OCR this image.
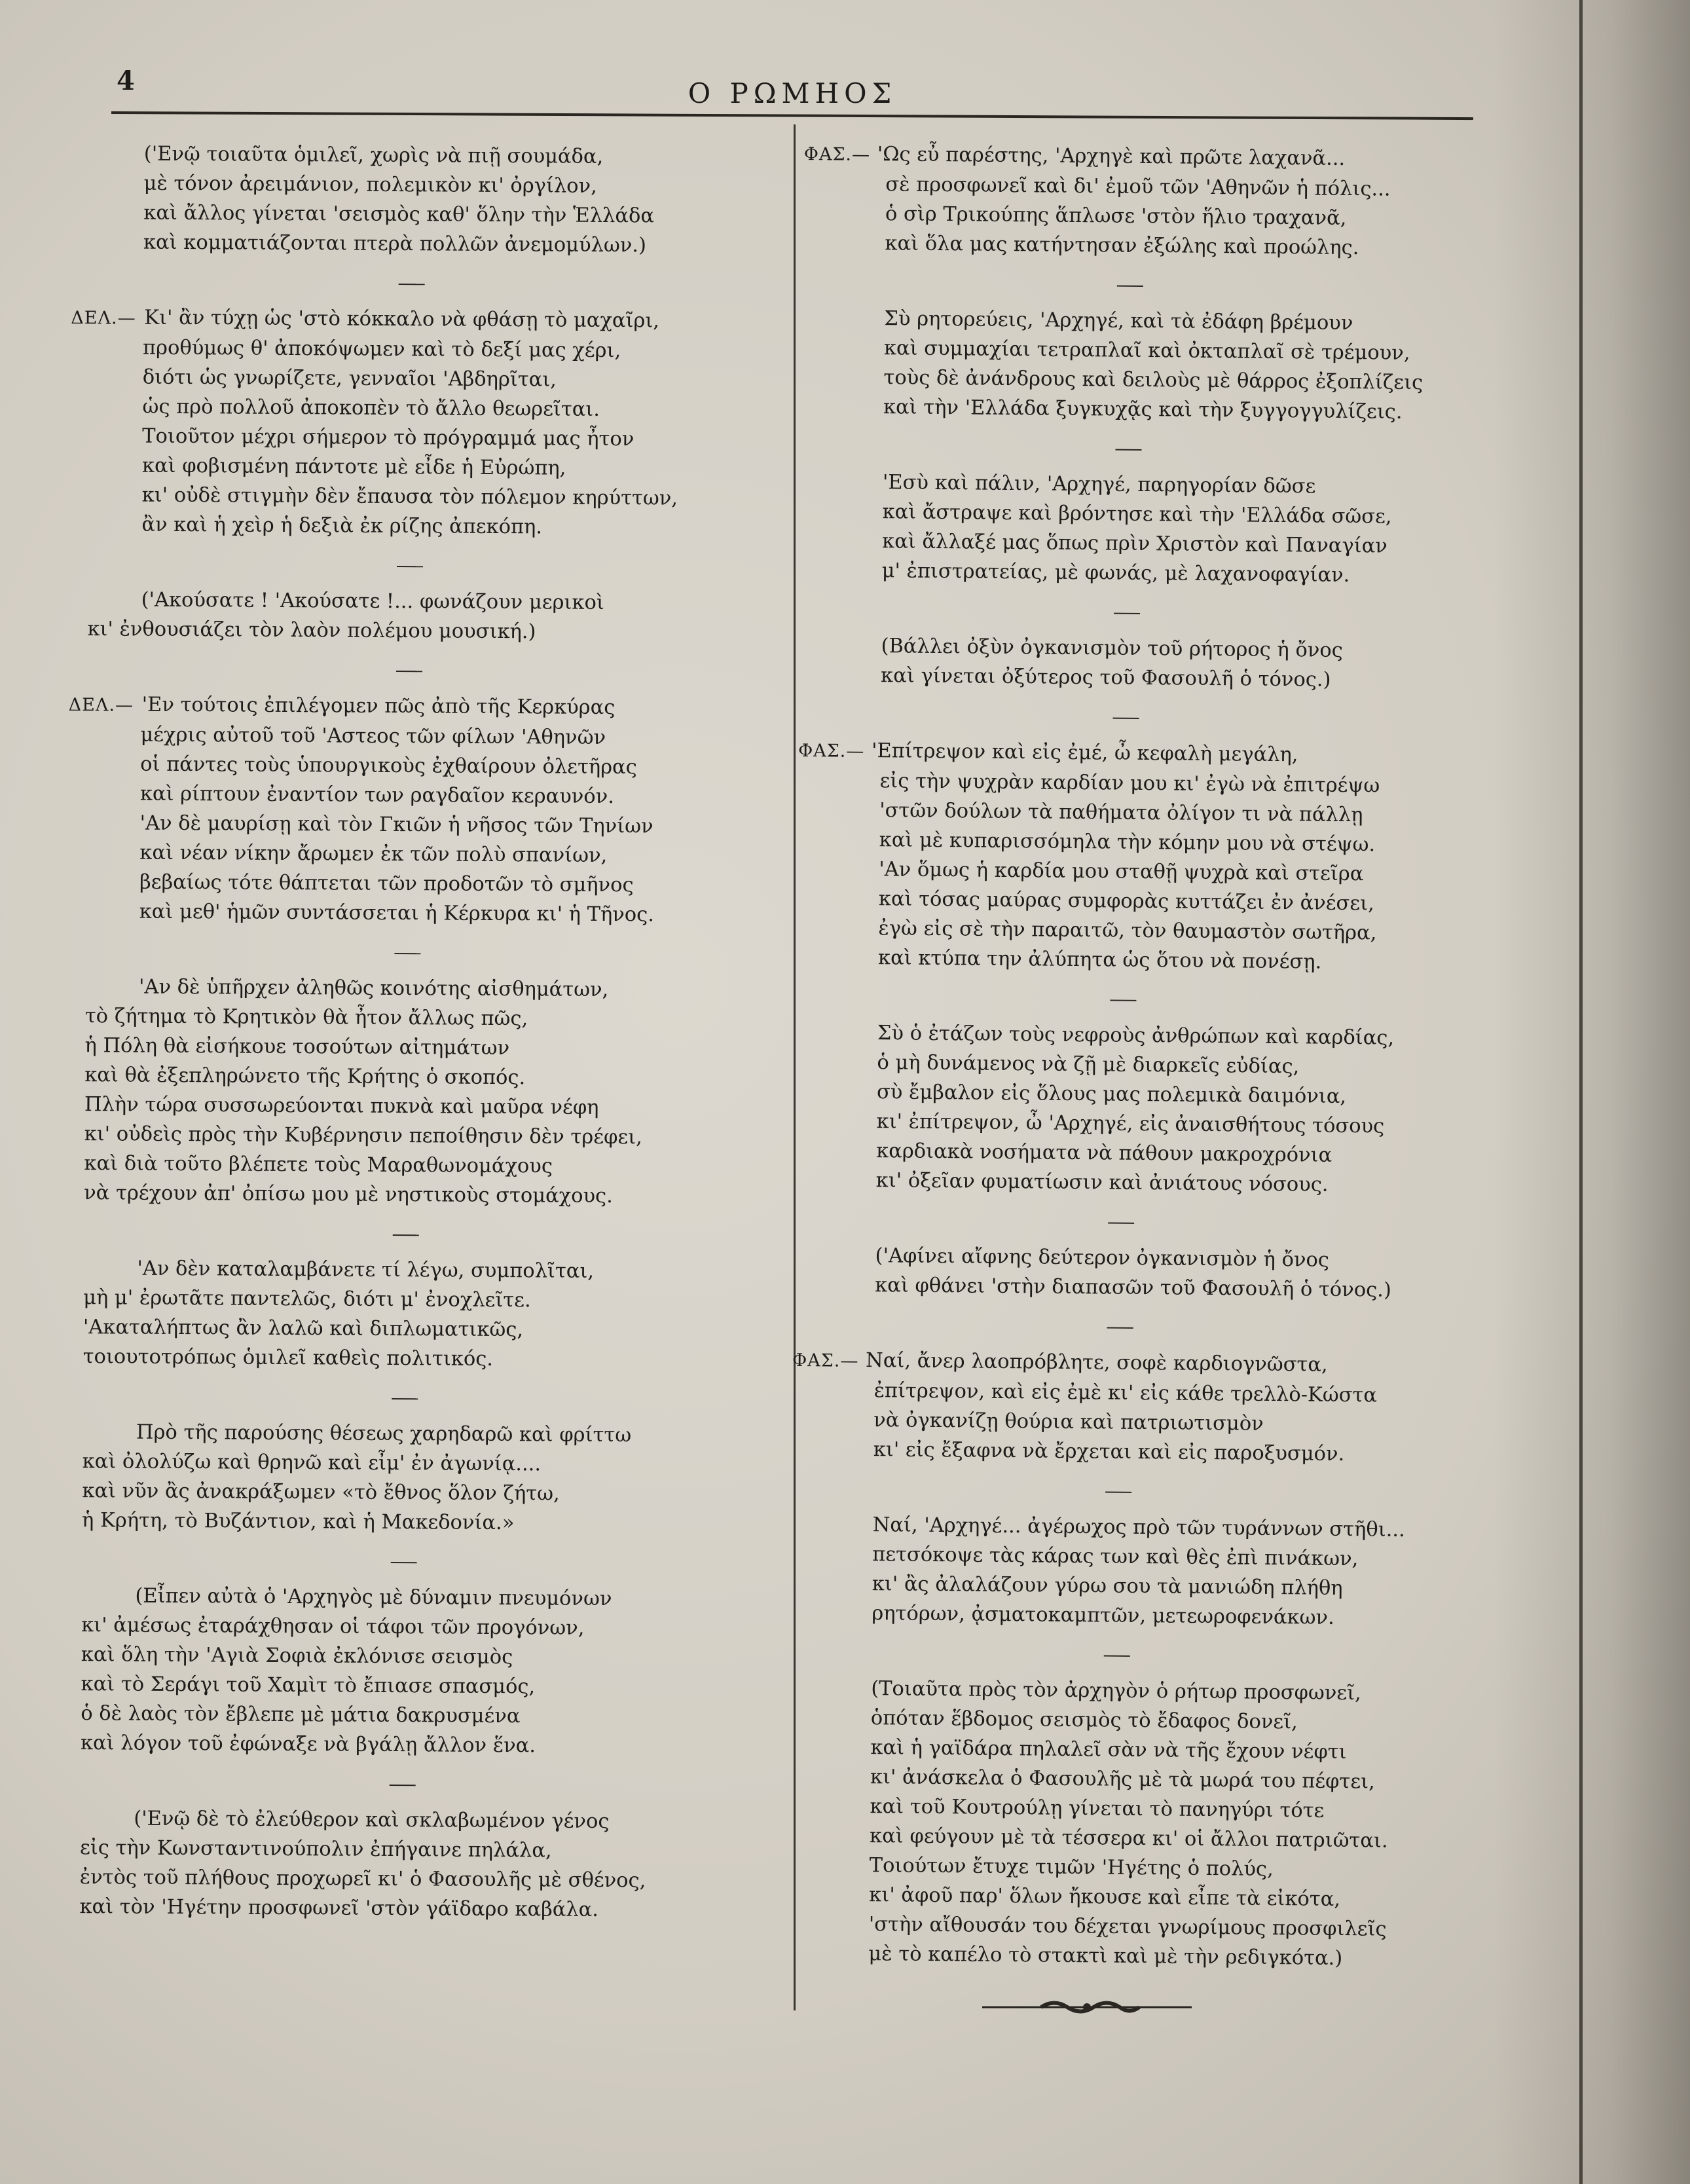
4	Ο ΡΩΜΗΟΣ
('Ενῷ τοιαῦτα ὁμιλεῖ, χωρὶς νὰ πιῇ σουμάδα,
μὲ τόνον ἀρειμάνιον, πολεμικὸν κι' ὀργίλον,
καὶ ἄλλος γίνεται 'σεισμὸς καθ' ὅλην τὴν Ἑλλάδα
καὶ κομματιάζονται πτερὰ πολλῶν ἀνεμομύλων.)
ΔΕΛ.— Κι' ἂν τύχῃ ὡς 'στὸ κόκκαλο νὰ φθάσῃ τὸ μαχαῖρι,
προθύμως θ' ἀποκόψωμεν καὶ τὸ δεξί μας χέρι,
διότι ὡς γνωρίζετε, γενναῖοι 'Αβδηρῖται,
ὡς πρὸ πολλοῦ ἀποκοπὲν τὸ ἄλλο θεωρεῖται.
Τοιοῦτον μέχρι σήμερον τὸ πρόγραμμά μας ἦτον
καὶ φοβισμένη πάντοτε μὲ εἶδε ἡ Εὐρώπη,
κι' οὐδὲ στιγμὴν δὲν ἔπαυσα τὸν πόλεμον κηρύττων,
ἂν καὶ ἡ χεὶρ ἡ δεξιὰ ἐκ ρίζης ἀπεκόπη.
('Ακούσατε ! 'Ακούσατε !... φωνάζουν μερικοὶ
κι' ἐνθουσιάζει τὸν λαὸν πολέμου μουσική.)
ΔΕΛ.— 'Εν τούτοις ἐπιλέγομεν πῶς ἀπὸ τῆς Κερκύρας
μέχρις αὐτοῦ τοῦ 'Αστεος τῶν φίλων 'Αθηνῶν
οἱ πάντες τοὺς ὑπουργικοὺς ἐχθαίρουν ὀλετῆρας
καὶ ρίπτουν ἐναντίον των ραγδαῖον κεραυνόν.
'Αν δὲ μαυρίσῃ καὶ τὸν Γκιῶν ἡ νῆσος τῶν Τηνίων
καὶ νέαν νίκην ἄρωμεν ἐκ τῶν πολὺ σπανίων,
βεβαίως τότε θάπτεται τῶν προδοτῶν τὸ σμῆνος
καὶ μεθ' ἡμῶν συντάσσεται ἡ Κέρκυρα κι' ἡ Τῆνος.
'Αν δὲ ὑπῆρχεν ἀληθῶς κοινότης αἰσθημάτων,
τὸ ζήτημα τὸ Κρητικὸν θὰ ἦτον ἄλλως πῶς,
ἡ Πόλη θὰ εἰσήκουε τοσούτων αἰτημάτων
καὶ θὰ ἐξεπληρώνετο τῆς Κρήτης ὁ σκοπός.
Πλὴν τώρα συσσωρεύονται πυκνὰ καὶ μαῦρα νέφη
κι' οὐδεὶς πρὸς τὴν Κυβέρνησιν πεποίθησιν δὲν τρέφει,
καὶ διὰ τοῦτο βλέπετε τοὺς Μαραθωνομάχους
νὰ τρέχουν ἀπ' ὀπίσω μου μὲ νηστικοὺς στομάχους.
'Αν δὲν καταλαμβάνετε τί λέγω, συμπολῖται,
μὴ μ' ἐρωτᾶτε παντελῶς, διότι μ' ἐνοχλεῖτε.
'Ακαταλήπτως ἂν λαλῶ καὶ διπλωματικῶς,
τοιουτοτρόπως ὁμιλεῖ καθεὶς πολιτικός.
Πρὸ τῆς παρούσης θέσεως χαρηδαρῶ καὶ φρίττω
καὶ ὀλολύζω καὶ θρηνῶ καὶ εἶμ' ἐν ἀγωνίᾳ....
καὶ νῦν ἂς ἀνακράξωμεν «τὸ ἔθνος ὅλον ζήτω,
ἡ Κρήτη, τὸ Βυζάντιον, καὶ ἡ Μακεδονία.»
(Εἶπεν αὐτὰ ὁ 'Αρχηγὸς μὲ δύναμιν πνευμόνων
κι' ἀμέσως ἐταράχθησαν οἱ τάφοι τῶν προγόνων,
καὶ ὅλη τὴν 'Αγιὰ Σοφιὰ ἐκλόνισε σεισμὸς
καὶ τὸ Σεράγι τοῦ Χαμὶτ τὸ ἔπιασε σπασμός,
ὁ δὲ λαὸς τὸν ἔβλεπε μὲ μάτια δακρυσμένα
καὶ λόγον τοῦ ἐφώναξε νὰ βγάλῃ ἄλλον ἕνα.
('Ενῷ δὲ τὸ ἐλεύθερον καὶ σκλαβωμένον γένος
εἰς τὴν Κωνσταντινούπολιν ἐπήγαινε πηλάλα,
ἐντὸς τοῦ πλήθους προχωρεῖ κι' ὁ Φασουλῆς μὲ σθένος,
καὶ τὸν 'Ηγέτην προσφωνεῖ 'στὸν γάϊδαρο καβάλα.
ΦΑΣ.— 'Ως εὖ παρέστης, 'Αρχηγὲ καὶ πρῶτε λαχανᾶ...
σὲ προσφωνεῖ καὶ δι' ἐμοῦ τῶν 'Αθηνῶν ἡ πόλις...
ὁ σὶρ Τρικούπης ἅπλωσε 'στὸν ἥλιο τραχανᾶ,
καὶ ὅλα μας κατήντησαν ἐξώλης καὶ προώλης.
Σὺ ρητορεύεις, 'Αρχηγέ, καὶ τὰ ἐδάφη βρέμουν
καὶ συμμαχίαι τετραπλαῖ καὶ ὀκταπλαῖ σὲ τρέμουν,
τοὺς δὲ ἀνάνδρους καὶ δειλοὺς μὲ θάρρος ἐξοπλίζεις
καὶ τὴν 'Ελλάδα ξυγκυχᾷς καὶ τὴν ξυγγογγυλίζεις.
'Εσὺ καὶ πάλιν, 'Αρχηγέ, παρηγορίαν δῶσε
καὶ ἄστραψε καὶ βρόντησε καὶ τὴν 'Ελλάδα σῶσε,
καὶ ἄλλαξέ μας ὅπως πρὶν Χριστὸν καὶ Παναγίαν
μ' ἐπιστρατείας, μὲ φωνάς, μὲ λαχανοφαγίαν.
(Βάλλει ὀξὺν ὀγκανισμὸν τοῦ ρήτορος ἡ ὄνος
καὶ γίνεται ὀξύτερος τοῦ Φασουλῆ ὁ τόνος.)
ΦΑΣ.— 'Επίτρεψον καὶ εἰς ἐμέ, ὦ κεφαλὴ μεγάλη,
εἰς τὴν ψυχρὰν καρδίαν μου κι' ἐγὼ νὰ ἐπιτρέψω
'στῶν δούλων τὰ παθήματα ὀλίγον τι νὰ πάλλῃ
καὶ μὲ κυπαρισσόμηλα τὴν κόμην μου νὰ στέψω.
'Αν ὅμως ἡ καρδία μου σταθῇ ψυχρὰ καὶ στεῖρα
καὶ τόσας μαύρας συμφορὰς κυττάζει ἐν ἀνέσει,
ἐγὼ εἰς σὲ τὴν παραιτῶ, τὸν θαυμαστὸν σωτῆρα,
καὶ κτύπα την ἀλύπητα ὡς ὅτου νὰ πονέσῃ.
Σὺ ὁ ἐτάζων τοὺς νεφροὺς ἀνθρώπων καὶ καρδίας,
ὁ μὴ δυνάμενος νὰ ζῇ μὲ διαρκεῖς εὐδίας,
σὺ ἔμβαλον εἰς ὅλους μας πολεμικὰ δαιμόνια,
κι' ἐπίτρεψον, ὦ 'Αρχηγέ, εἰς ἀναισθήτους τόσους
καρδιακὰ νοσήματα νὰ πάθουν μακροχρόνια
κι' ὀξεῖαν φυματίωσιν καὶ ἀνιάτους νόσους.
('Αφίνει αἴφνης δεύτερον ὀγκανισμὸν ἡ ὄνος
καὶ φθάνει 'στὴν διαπασῶν τοῦ Φασουλῆ ὁ τόνος.)
ΦΑΣ.— Ναί, ἄνερ λαοπρόβλητε, σοφὲ καρδιογνῶστα,
ἐπίτρεψον, καὶ εἰς ἐμὲ κι' εἰς κάθε τρελλὸ-Κώστα
νὰ ὀγκανίζῃ θούρια καὶ πατριωτισμὸν
κι' εἰς ἔξαφνα νὰ ἔρχεται καὶ εἰς παροξυσμόν.
Ναί, 'Αρχηγέ... ἀγέρωχος πρὸ τῶν τυράννων στῆθι...
πετσόκοψε τὰς κάρας των καὶ θὲς ἐπὶ πινάκων,
κι' ἂς ἀλαλάζουν γύρω σου τὰ μανιώδη πλήθη
ρητόρων, ᾀσματοκαμπτῶν, μετεωροφενάκων.
(Τοιαῦτα πρὸς τὸν ἀρχηγὸν ὁ ρήτωρ προσφωνεῖ,
ὁπόταν ἕβδομος σεισμὸς τὸ ἔδαφος δονεῖ,
καὶ ἡ γαϊδάρα πηλαλεῖ σὰν νὰ τῆς ἔχουν νέφτι
κι' ἀνάσκελα ὁ Φασουλῆς μὲ τὰ μωρά του πέφτει,
καὶ τοῦ Κουτρούλῃ γίνεται τὸ πανηγύρι τότε
καὶ φεύγουν μὲ τὰ τέσσερα κι' οἱ ἄλλοι πατριῶται.
Τοιούτων ἔτυχε τιμῶν 'Ηγέτης ὁ πολύς,
κι' ἀφοῦ παρ' ὅλων ἤκουσε καὶ εἶπε τὰ εἰκότα,
'στὴν αἴθουσάν του δέχεται γνωρίμους προσφιλεῖς
μὲ τὸ καπέλο τὸ στακτὶ καὶ μὲ τὴν ρεδιγκότα.)
